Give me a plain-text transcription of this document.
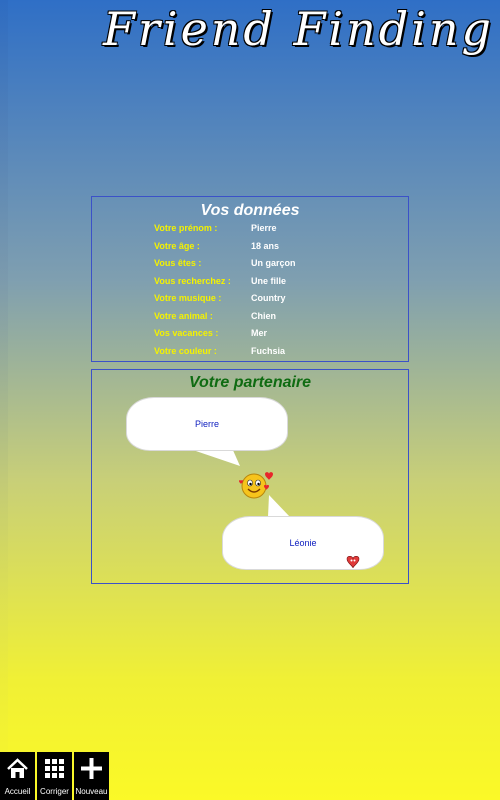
Friend Finding
Vos données
Votre prénom :	Pierre
Votre âge :	18 ans
Vous êtes :	Un garçon
Vous recherchez : Une fille
Votre musique :	Country
Votre animal :	Chien
Vos vacances :	Mer
Votre couleur :	Fuchsia
Votre partenaire
Pierre
Léonie
Accueil	Corriger Nouveau
